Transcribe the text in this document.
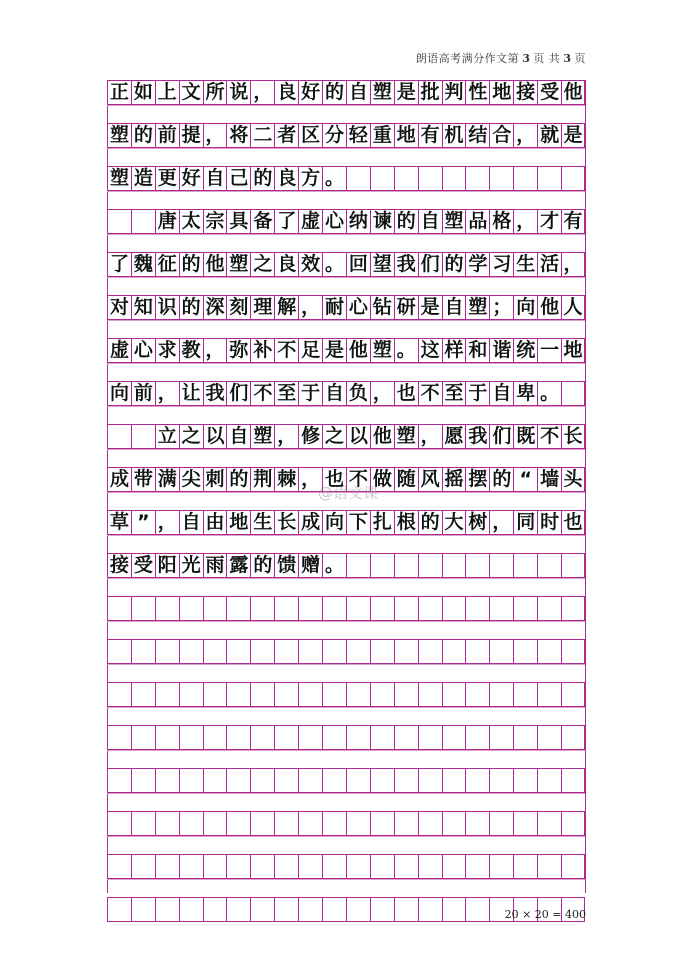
朗语高考满分作文第 3 页 共 3 页
正 如 上 文 所 说 ， 良 好 的 自 塑 是 批 判 性 地 接 受 他
塑 的 前 提 ， 将 二 者 区 分 轻 重 地 有 机 结 合 ， 就 是
塑 造 更 好 自 己 的 良 方 。
唐 太 宗 具 备 了 虚 心 纳 谏 的 自 塑 品 格 ， 才 有
了 魏 征 的 他 塑 之 良 效 。 回 望 我 们 的 学 习 生 活 ，
对 知 识 的 深 刻 理 解 ， 耐 心 钻 研 是 自 塑 ； 向 他 人
虚 心 求 教 ， 弥 补 不 足 是 他 塑 。 这 样 和 谐 统 一 地
向 前 ， 让 我 们 不 至 于 自 负 ， 也 不 至 于 自 卑 。
立 之 以 自 塑 ， 修 之 以 他 塑 ， 愿 我 们 既 不 长
成 带 满 尖 刺 的 荆 棘 ， 也 不 做 随 风 摇 摆 的 “ 墙 头
草 ” ， 自 由 地 生 长 成 向 下 扎 根 的 大 树 ， 同 时 也
接 受 阳 光 雨 露 的 馈 赠 。
@语文课
20 × 20 = 400
